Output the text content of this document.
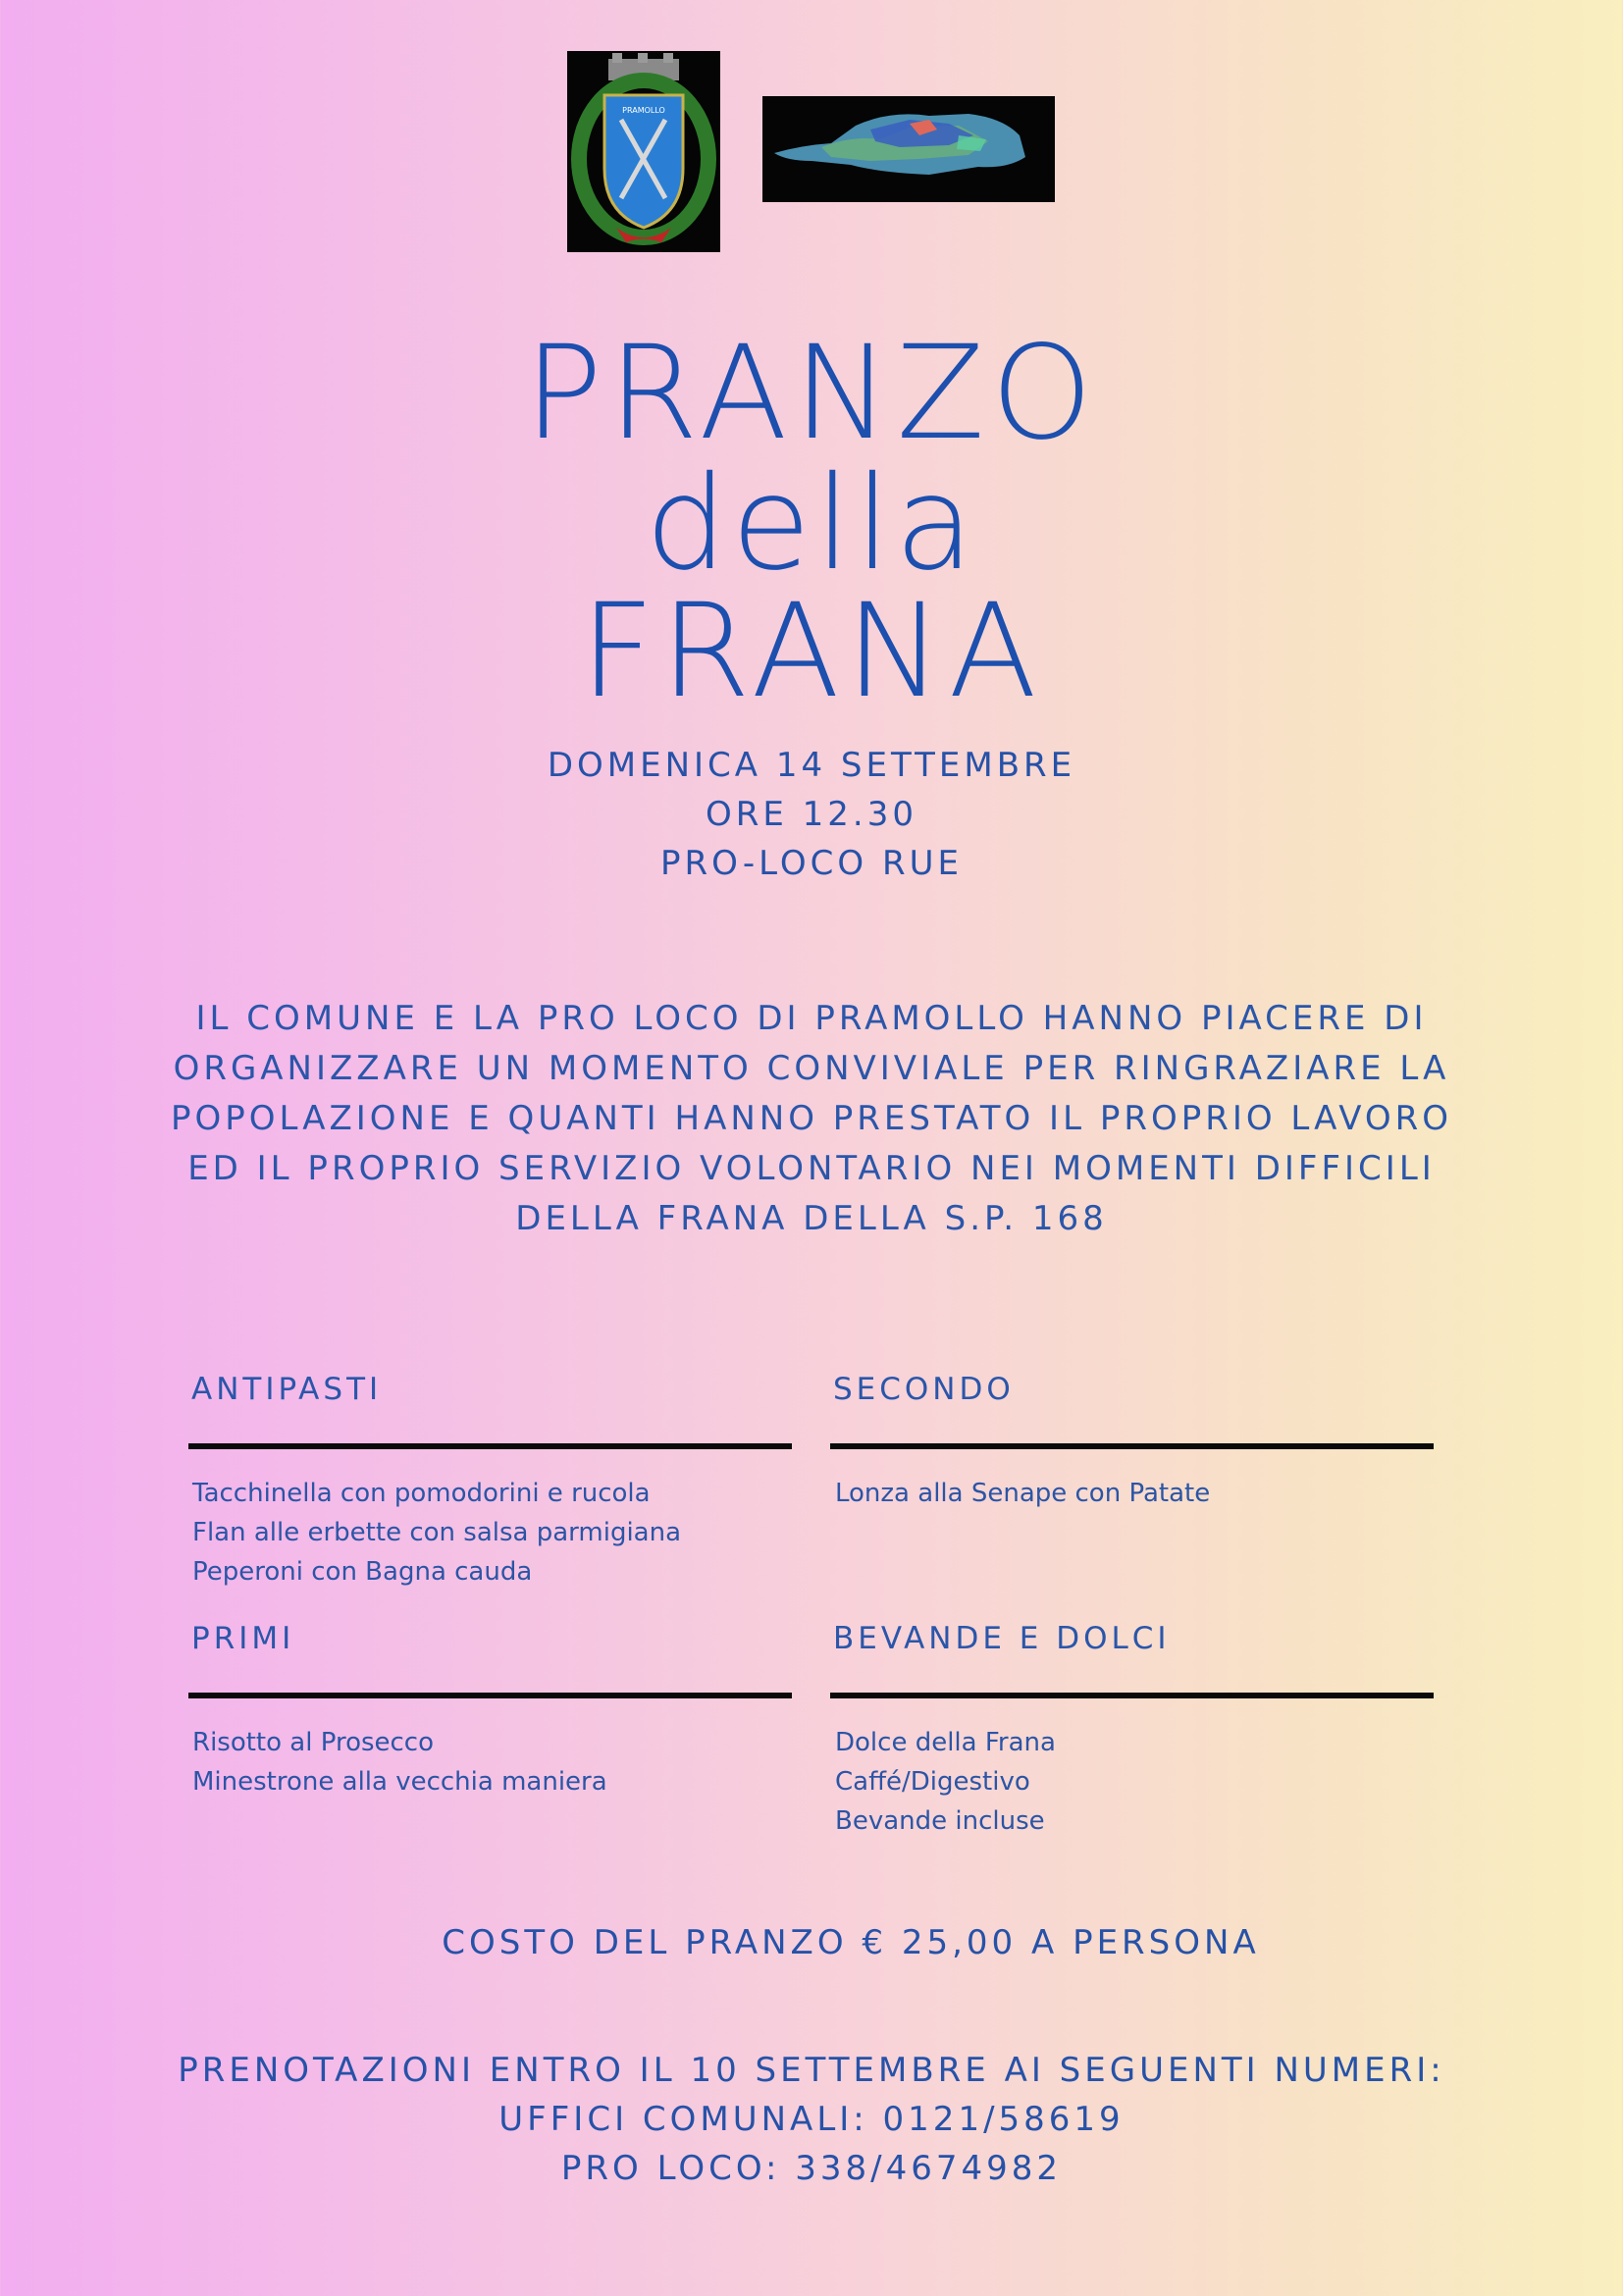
PRAMOLLO
PRANZO
della
FRANA
DOMENICA 14 SETTEMBRE
ORE 12.30
PRO-LOCO RUE
IL COMUNE E LA PRO LOCO DI PRAMOLLO HANNO PIACERE DI
ORGANIZZARE UN MOMENTO CONVIVIALE PER RINGRAZIARE LA
POPOLAZIONE E QUANTI HANNO PRESTATO IL PROPRIO LAVORO
ED IL PROPRIO SERVIZIO VOLONTARIO NEI MOMENTI DIFFICILI
DELLA FRANA DELLA S.P. 168
ANTIPASTI
Tacchinella con pomodorini e rucola
Flan alle erbette con salsa parmigiana
Peperoni con Bagna cauda
SECONDO
Lonza alla Senape con Patate
PRIMI
Risotto al Prosecco
Minestrone alla vecchia maniera
BEVANDE E DOLCI
Dolce della Frana
Caffé/Digestivo
Bevande incluse
COSTO DEL PRANZO € 25,00 A PERSONA
PRENOTAZIONI ENTRO IL 10 SETTEMBRE AI SEGUENTI NUMERI:
UFFICI COMUNALI: 0121/58619
PRO LOCO: 338/4674982
